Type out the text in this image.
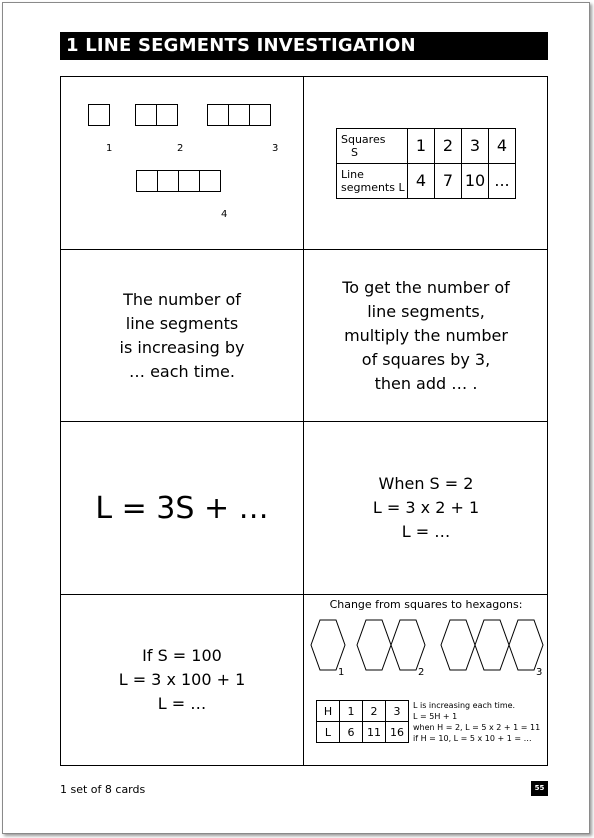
1 LINE SEGMENTS INVESTIGATION
1	2	3
4
Squares
S	1	2	3	4
Line
segments L	4	7	10	...
The number of
line segments
is increasing by
… each time.
To get the number of
line segments,
multiply the number
of squares by 3,
then add … .
L = 3S + …
When S = 2
L = 3 x 2 + 1
L = …
If S = 100
L = 3 x 100 + 1
L = …
Change from squares to hexagons:
1	2	3
H	1	2	3
L	6	11	16
L is increasing each time.
L = 5H + 1
when H = 2, L = 5 x 2 + 1 = 11
if H = 10, L = 5 x 10 + 1 = …
1 set of 8 cards	55
